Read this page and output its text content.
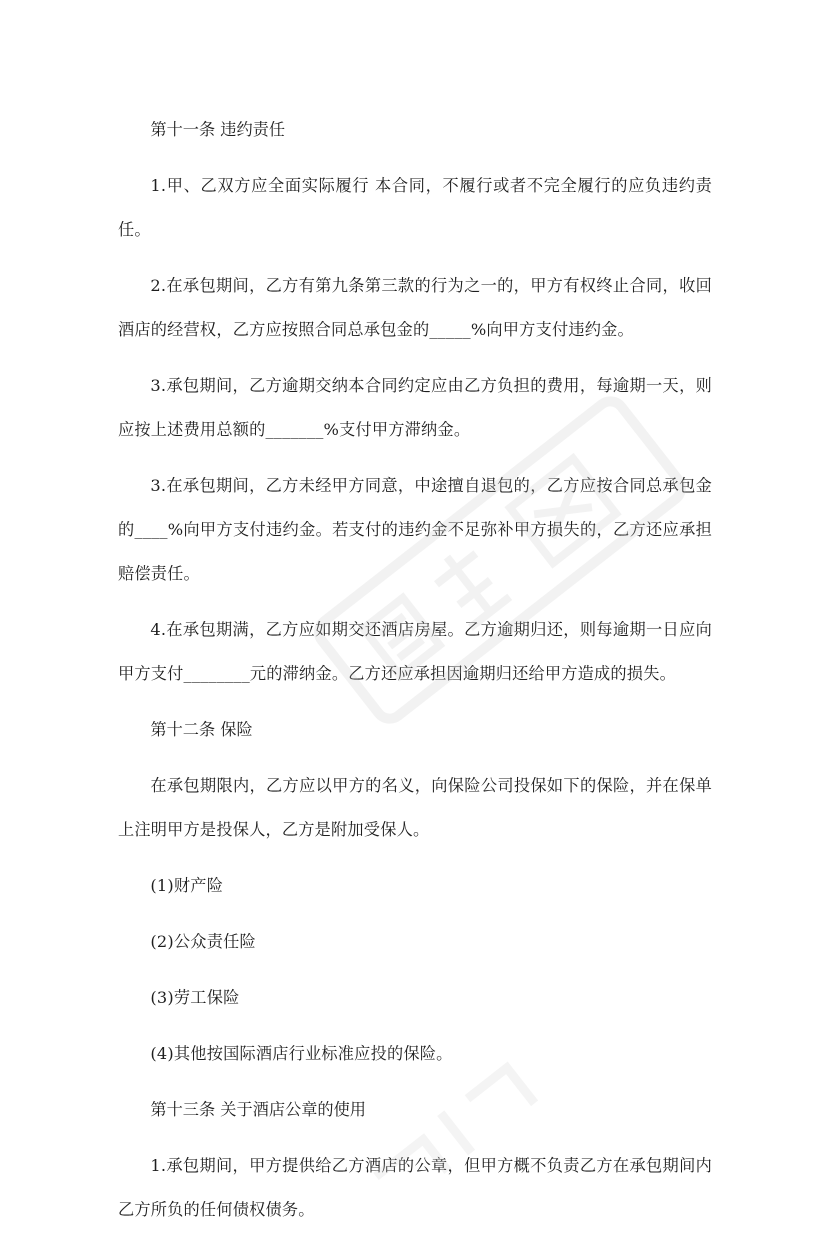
第十一条 违约责任

1.甲、乙双方应全面实际履行 本合同，不履行或者不完全履行的应负违约责任。

2.在承包期间，乙方有第九条第三款的行为之一的，甲方有权终止合同，收回酒店的经营权，乙方应按照合同总承包金的_____%向甲方支付违约金。

3.承包期间，乙方逾期交纳本合同约定应由乙方负担的费用，每逾期一天，则应按上述费用总额的_______%支付甲方滞纳金。

3.在承包期间，乙方未经甲方同意，中途擅自退包的，乙方应按合同总承包金的____%向甲方支付违约金。若支付的违约金不足弥补甲方损失的，乙方还应承担赔偿责任。

4.在承包期满，乙方应如期交还酒店房屋。乙方逾期归还，则每逾期一日应向甲方支付________元的滞纳金。乙方还应承担因逾期归还给甲方造成的损失。

第十二条 保险

在承包期限内，乙方应以甲方的名义，向保险公司投保如下的保险，并在保单上注明甲方是投保人，乙方是附加受保人。

(1)财产险

(2)公众责任险

(3)劳工保险

(4)其他按国际酒店行业标准应投的保险。

第十三条 关于酒店公章的使用

1.承包期间，甲方提供给乙方酒店的公章，但甲方概不负责乙方在承包期间内乙方所负的任何债权债务。
